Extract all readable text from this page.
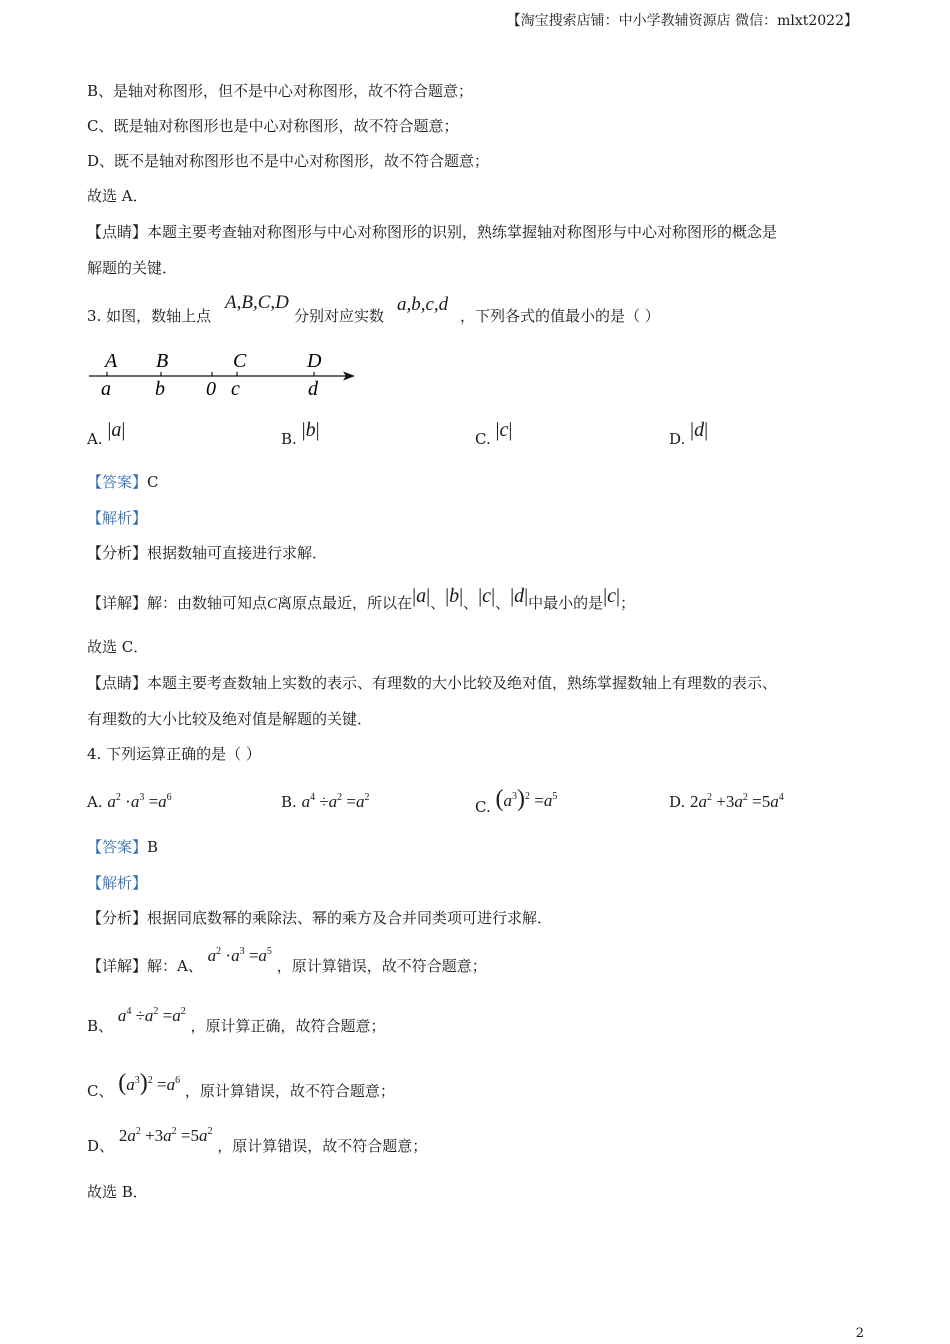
【淘宝搜索店铺：中小学教辅资源店 微信：mlxt2022】
B、是轴对称图形，但不是中心对称图形，故不符合题意；
C、既是轴对称图形也是中心对称图形，故不符合题意；
D、既不是轴对称图形也不是中心对称图形，故不符合题意；
故选 A．
【点睛】本题主要考查轴对称图形与中心对称图形的识别，熟练掌握轴对称图形与中心对称图形的概念是
解题的关键．
3. 如图，数轴上点
A,B,C,D
分别对应实数
a,b,c,d
，下列各式的值最小的是（ ）
A B	C	D
a b 0 c	d
A. |a|	B. |b|	C. |c|	D. |d|
【答案】C
【解析】
【分析】根据数轴可直接进行求解．
【详解】解：由数轴可知点C离原点最近，所以在|a|、|b|、|c|、|d|中最小的是|c|；
故选 C．
【点睛】本题主要考查数轴上实数的表示、有理数的大小比较及绝对值，熟练掌握数轴上有理数的表示、
有理数的大小比较及绝对值是解题的关键．
4. 下列运算正确的是（ ）
A. $a^2 \cdot a^3 =a^6$	B. $a^4 \div a^2 =a^2$
C. $(a^3)^2 =a^5$	D. $2a^2 +3a^2 =5a^4$
【答案】B
【解析】
【分析】根据同底数幂的乘除法、幂的乘方及合并同类项可进行求解．
【详解】解：A、 $a^2 \cdot a^3 =a^5$ ，原计算错误，故不符合题意；
B、 $a^4 \div a^2 =a^2$ ，原计算正确，故符合题意；
C、 $(a^3)^2 =a^6$ ，原计算错误，故不符合题意；
D、 $2a^2 +3a^2 =5a^2$ ，原计算错误，故不符合题意；
故选 B．
2
